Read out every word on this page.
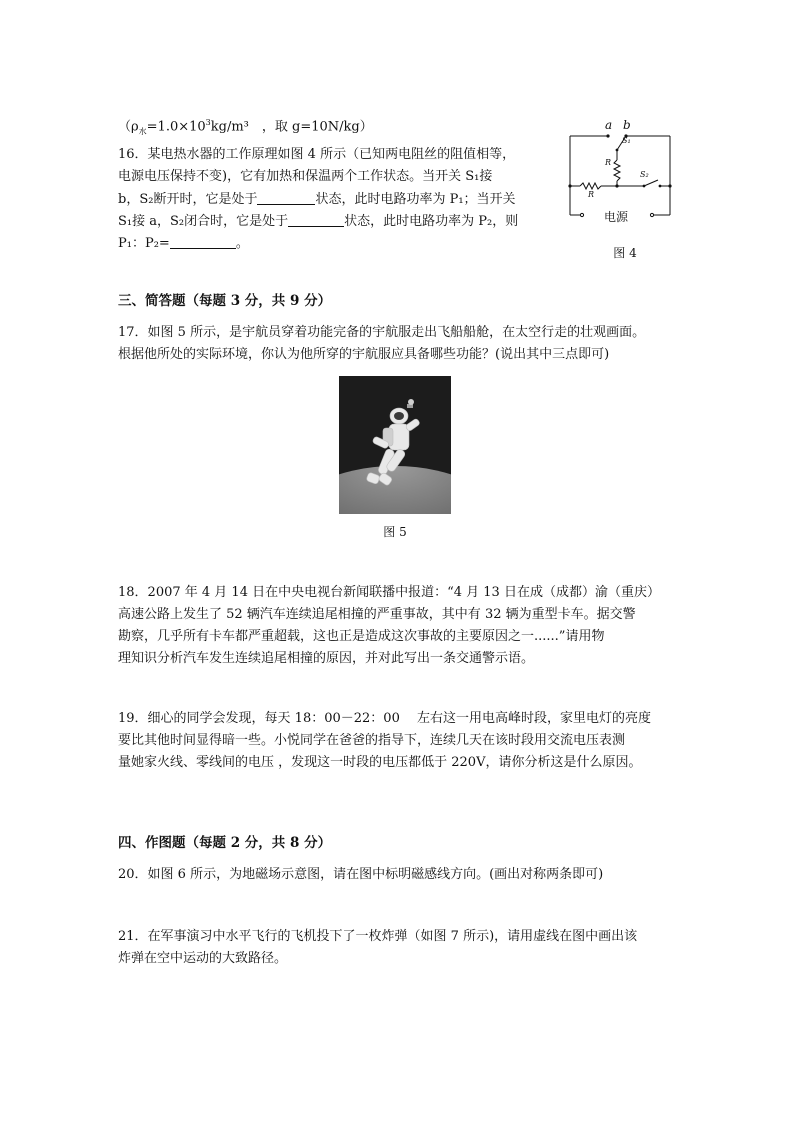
（$\rho_水=1.0\times 10^3kg/m^3$　，取 g=10N/kg）
16．某电热水器的工作原理如图 4 所示（已知两电阻丝的阻值相等，
电源电压保持不变)，它有加热和保温两个工作状态。当开关 S₁接
b，S₂断开时，它是处于	状态，此时电路功率为 P₁；当开关
S₁接 a，S₂闭合时，它是处于	状态，此时电路功率为 P₂，则
P₁：P₂=	。
a b
S₁
R
S₂
R
电源
图 4
三、简答题（每题 3 分，共 9 分）
17．如图 5 所示，是宇航员穿着功能完备的宇航服走出飞船船舱，在太空行走的壮观画面。
根据他所处的实际环境，你认为他所穿的宇航服应具备哪些功能？(说出其中三点即可)
图 5
18．2007 年 4 月 14 日在中央电视台新闻联播中报道：“4 月 13 日在成（成都）渝（重庆）
高速公路上发生了 52 辆汽车连续追尾相撞的严重事故，其中有 32 辆为重型卡车。据交警
勘察，几乎所有卡车都严重超载，这也正是造成这次事故的主要原因之一......”请用物
理知识分析汽车发生连续追尾相撞的原因，并对此写出一条交通警示语。
19．细心的同学会发现，每天 18：00－22：00　 左右这一用电高峰时段，家里电灯的亮度
要比其他时间显得暗一些。小悦同学在爸爸的指导下，连续几天在该时段用交流电压表测
量她家火线、零线间的电压 ，发现这一时段的电压都低于 220V，请你分析这是什么原因。
四、作图题（每题 2 分，共 8 分）
20．如图 6 所示，为地磁场示意图，请在图中标明磁感线方向。(画出对称两条即可)
21．在军事演习中水平飞行的飞机投下了一枚炸弹（如图 7 所示)，请用虚线在图中画出该
炸弹在空中运动的大致路径。
